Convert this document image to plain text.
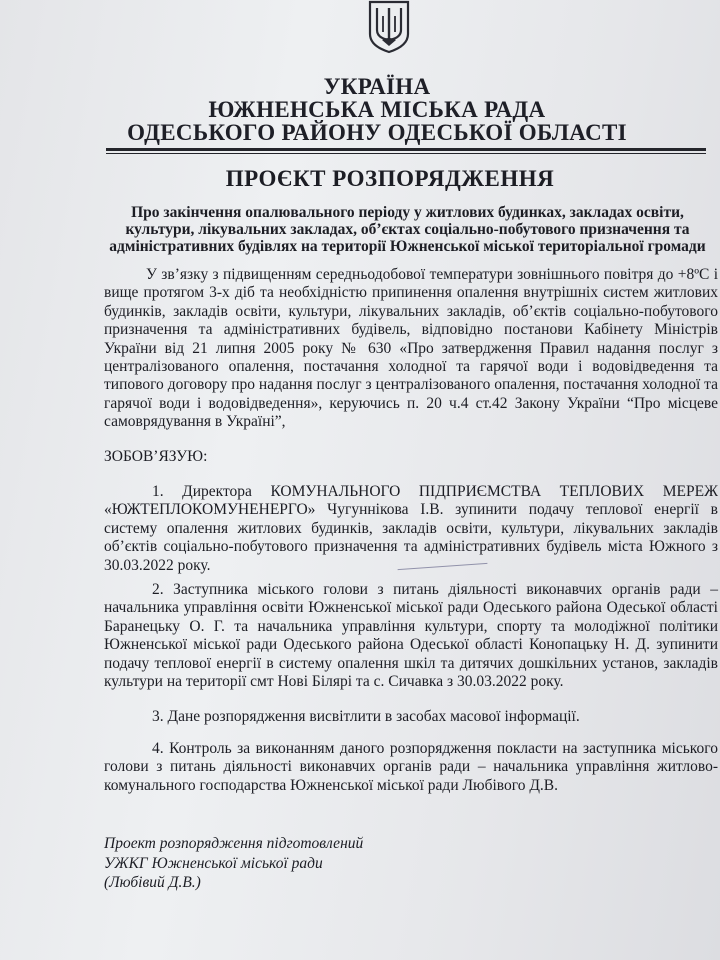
УКРАЇНА
ЮЖНЕНСЬКА МІСЬКА РАДА
ОДЕСЬКОГО РАЙОНУ ОДЕСЬКОЇ ОБЛАСТІ
ПРОЄКТ РОЗПОРЯДЖЕННЯ
Про закінчення опалювального періоду у житлових будинках, закладах освіти, культури, лікувальних закладах, об’єктах соціально-побутового призначення та адміністративних будівлях на території Южненської міської територіальної громади
У зв’язку з підвищенням середньодобової температури зовнішнього повітря до +8ºС і вище протягом 3-х діб та необхідністю припинення опалення внутрішніх систем житлових будинків, закладів освіти, культури, лікувальних закладів, об’єктів соціально-побутового призначення та адміністративних будівель, відповідно постанови Кабінету Міністрів України від 21 липня 2005 року № 630 «Про затвердження Правил надання послуг з централізованого опалення, постачання холодної та гарячої води і водовідведення та типового договору про надання послуг з централізованого опалення, постачання холодної та гарячої води і водовідведення», керуючись п. 20 ч.4 ст.42 Закону України “Про місцеве самоврядування в Україні”,
ЗОБОВ’ЯЗУЮ:
1. Директора КОМУНАЛЬНОГО ПІДПРИЄМСТВА ТЕПЛОВИХ МЕРЕЖ «ЮЖТЕПЛОКОМУНЕНЕРГО» Чугуннікова І.В. зупинити подачу теплової енергії в систему опалення житлових будинків, закладів освіти, культури, лікувальних закладів об’єктів соціально-побутового призначення та адміністративних будівель міста Южного з 30.03.2022 року.
2. Заступника міського голови з питань діяльності виконавчих органів ради – начальника управління освіти Южненської міської ради Одеського района Одеської області Баранецьку О. Г. та начальника управління культури, спорту та молодіжної політики Южненської міської ради Одеського района Одеської області Конопацьку Н. Д. зупинити подачу теплової енергії в систему опалення шкіл та дитячих дошкільних установ, закладів культури на території смт Нові Білярі та с. Сичавка з 30.03.2022 року.
3. Дане розпорядження висвітлити в засобах масової інформації.
4. Контроль за виконанням даного розпорядження покласти на заступника міського голови з питань діяльності виконавчих органів ради – начальника управління житлово-комунального господарства Южненської міської ради Любівого Д.В.
Проект розпорядження підготовлений
УЖКГ Южненської міської ради
(Любівий Д.В.)
